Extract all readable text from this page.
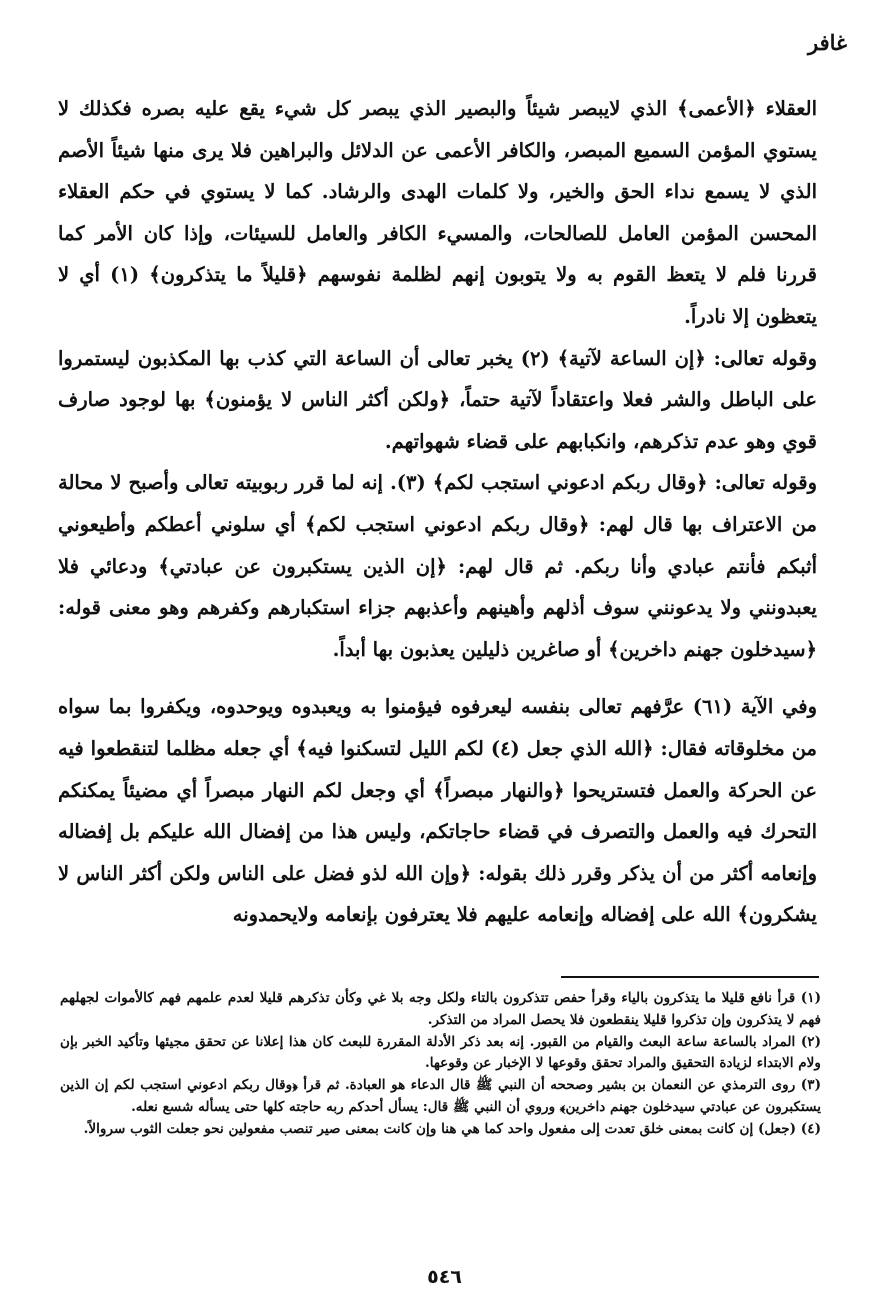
غافر

العقلاء ﴿الأعمى﴾ الذي لايبصر شيئاً والبصير الذي يبصر كل شيء يقع عليه بصره فكذلك لا يستوي المؤمن السميع المبصر، والكافر الأعمى عن الدلائل والبراهين فلا يرى منها شيئاً الأصم الذي لا يسمع نداء الحق والخير، ولا كلمات الهدى والرشاد. كما لا يستوي في حكم العقلاء المحسن المؤمن العامل للصالحات، والمسيء الكافر والعامل للسيئات، وإذا كان الأمر كما قررنا فلم لا يتعظ القوم به ولا يتوبون إنهم لظلمة نفوسهم ﴿قليلاً ما يتذكرون﴾ (١) أي لا يتعظون إلا نادراً.

وقوله تعالى: ﴿إن الساعة لآتية﴾ (٢) يخبر تعالى أن الساعة التي كذب بها المكذبون ليستمروا على الباطل والشر فعلا واعتقاداً لآتية حتماً، ﴿ولكن أكثر الناس لا يؤمنون﴾ بها لوجود صارف قوي وهو عدم تذكرهم، وانكبابهم على قضاء شهواتهم.

وقوله تعالى: ﴿وقال ربكم ادعوني استجب لكم﴾ (٣). إنه لما قرر ربوبيته تعالى وأصبح لا محالة من الاعتراف بها قال لهم: ﴿وقال ربكم ادعوني استجب لكم﴾ أي سلوني أعطكم وأطيعوني أثبكم فأنتم عبادي وأنا ربكم. ثم قال لهم: ﴿إن الذين يستكبرون عن عبادتي﴾ ودعائي فلا يعبدونني ولا يدعونني سوف أذلهم وأهينهم وأعذبهم جزاء استكبارهم وكفرهم وهو معنى قوله: ﴿سيدخلون جهنم داخرين﴾ أو صاغرين ذليلين يعذبون بها أبداً.

وفي الآية (٦١) عرَّفهم تعالى بنفسه ليعرفوه فيؤمنوا به ويعبدوه ويوحدوه، ويكفروا بما سواه من مخلوقاته فقال: ﴿الله الذي جعل (٤) لكم الليل لتسكنوا فيه﴾ أي جعله مظلما لتنقطعوا فيه عن الحركة والعمل فتستريحوا ﴿والنهار مبصراً﴾ أي وجعل لكم النهار مبصراً أي مضيئاً يمكنكم التحرك فيه والعمل والتصرف في قضاء حاجاتكم، وليس هذا من إفضال الله عليكم بل إفضاله وإنعامه أكثر من أن يذكر وقرر ذلك بقوله: ﴿وإن الله لذو فضل على الناس ولكن أكثر الناس لا يشكرون﴾ الله على إفضاله وإنعامه عليهم فلا يعترفون بإنعامه ولايحمدونه

(١) قرأ نافع قليلا ما يتذكرون بالياء وقرأ حفص تتذكرون بالتاء ولكل وجه بلا غي وكأن تذكرهم قليلا لعدم علمهم فهم كالأموات لجهلهم فهم لا يتذكرون وإن تذكروا قليلا ينقطعون فلا يحصل المراد من التذكر.

(٢) المراد بالساعة ساعة البعث والقيام من القبور. إنه بعد ذكر الأدلة المقررة للبعث كان هذا إعلانا عن تحقق مجيئها وتأكيد الخبر بإن ولام الابتداء لزيادة التحقيق والمراد تحقق وقوعها لا الإخبار عن وقوعها.

(٣) روى الترمذي عن النعمان بن بشير وصححه أن النبي ﷺ قال الدعاء هو العبادة. ثم قرأ ﴿وقال ربكم ادعوني استجب لكم إن الذين يستكبرون عن عبادتي سيدخلون جهنم داخرين﴾ وروي أن النبي ﷺ قال: يسأل أحدكم ربه حاجته كلها حتى يسأله شسع نعله.

(٤) (جعل) إن كانت بمعنى خلق تعدت إلى مفعول واحد كما هي هنا وإن كانت بمعنى صير تنصب مفعولين نحو جعلت الثوب سروالاً.

٥٤٦
